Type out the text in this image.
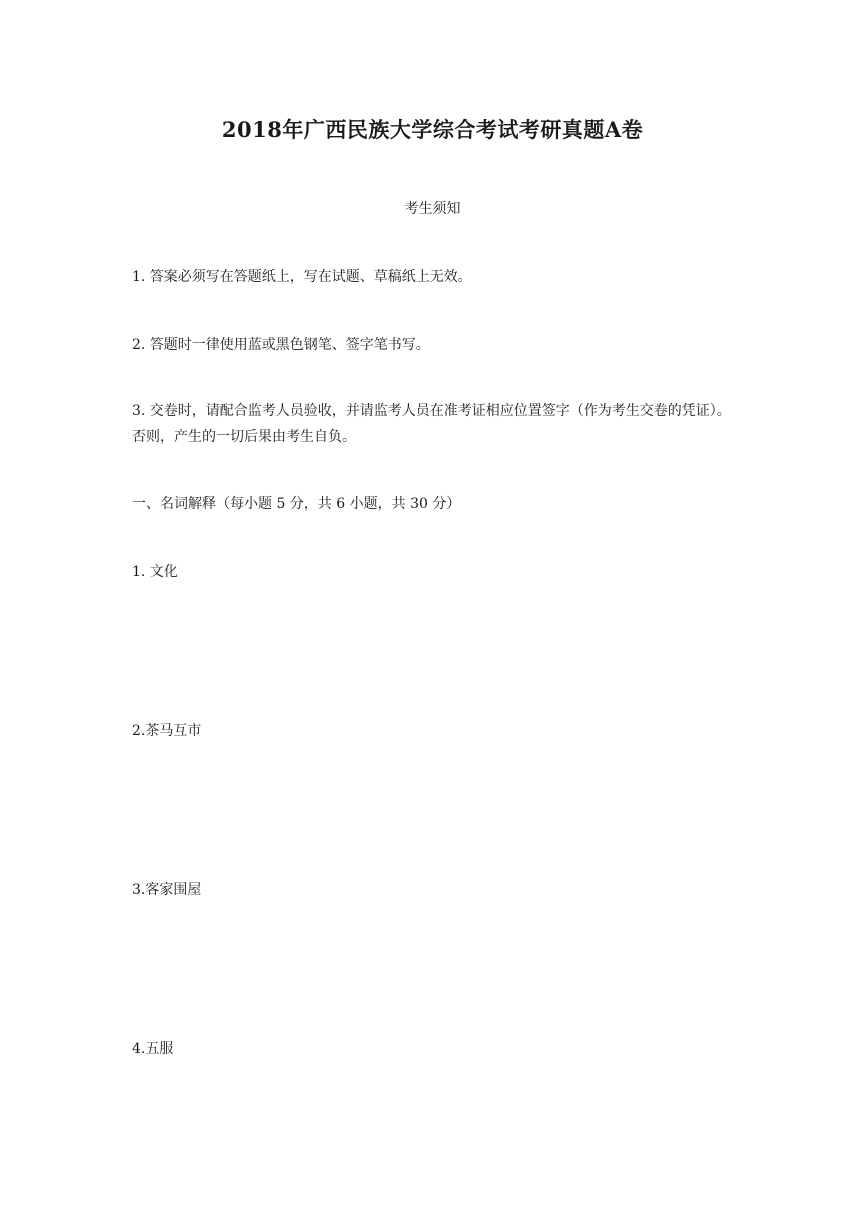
2018年广西民族大学综合考试考研真题A卷

考生须知

1. 答案必须写在答题纸上，写在试题、草稿纸上无效。

2. 答题时一律使用蓝或黑色钢笔、签字笔书写。

3. 交卷时，请配合监考人员验收，并请监考人员在准考证相应位置签字（作为考生交卷的凭证）。否则，产生的一切后果由考生自负。

一、名词解释（每小题 5 分，共 6 小题，共 30 分）

1. 文化

2.茶马互市

3.客家围屋

4.五服
